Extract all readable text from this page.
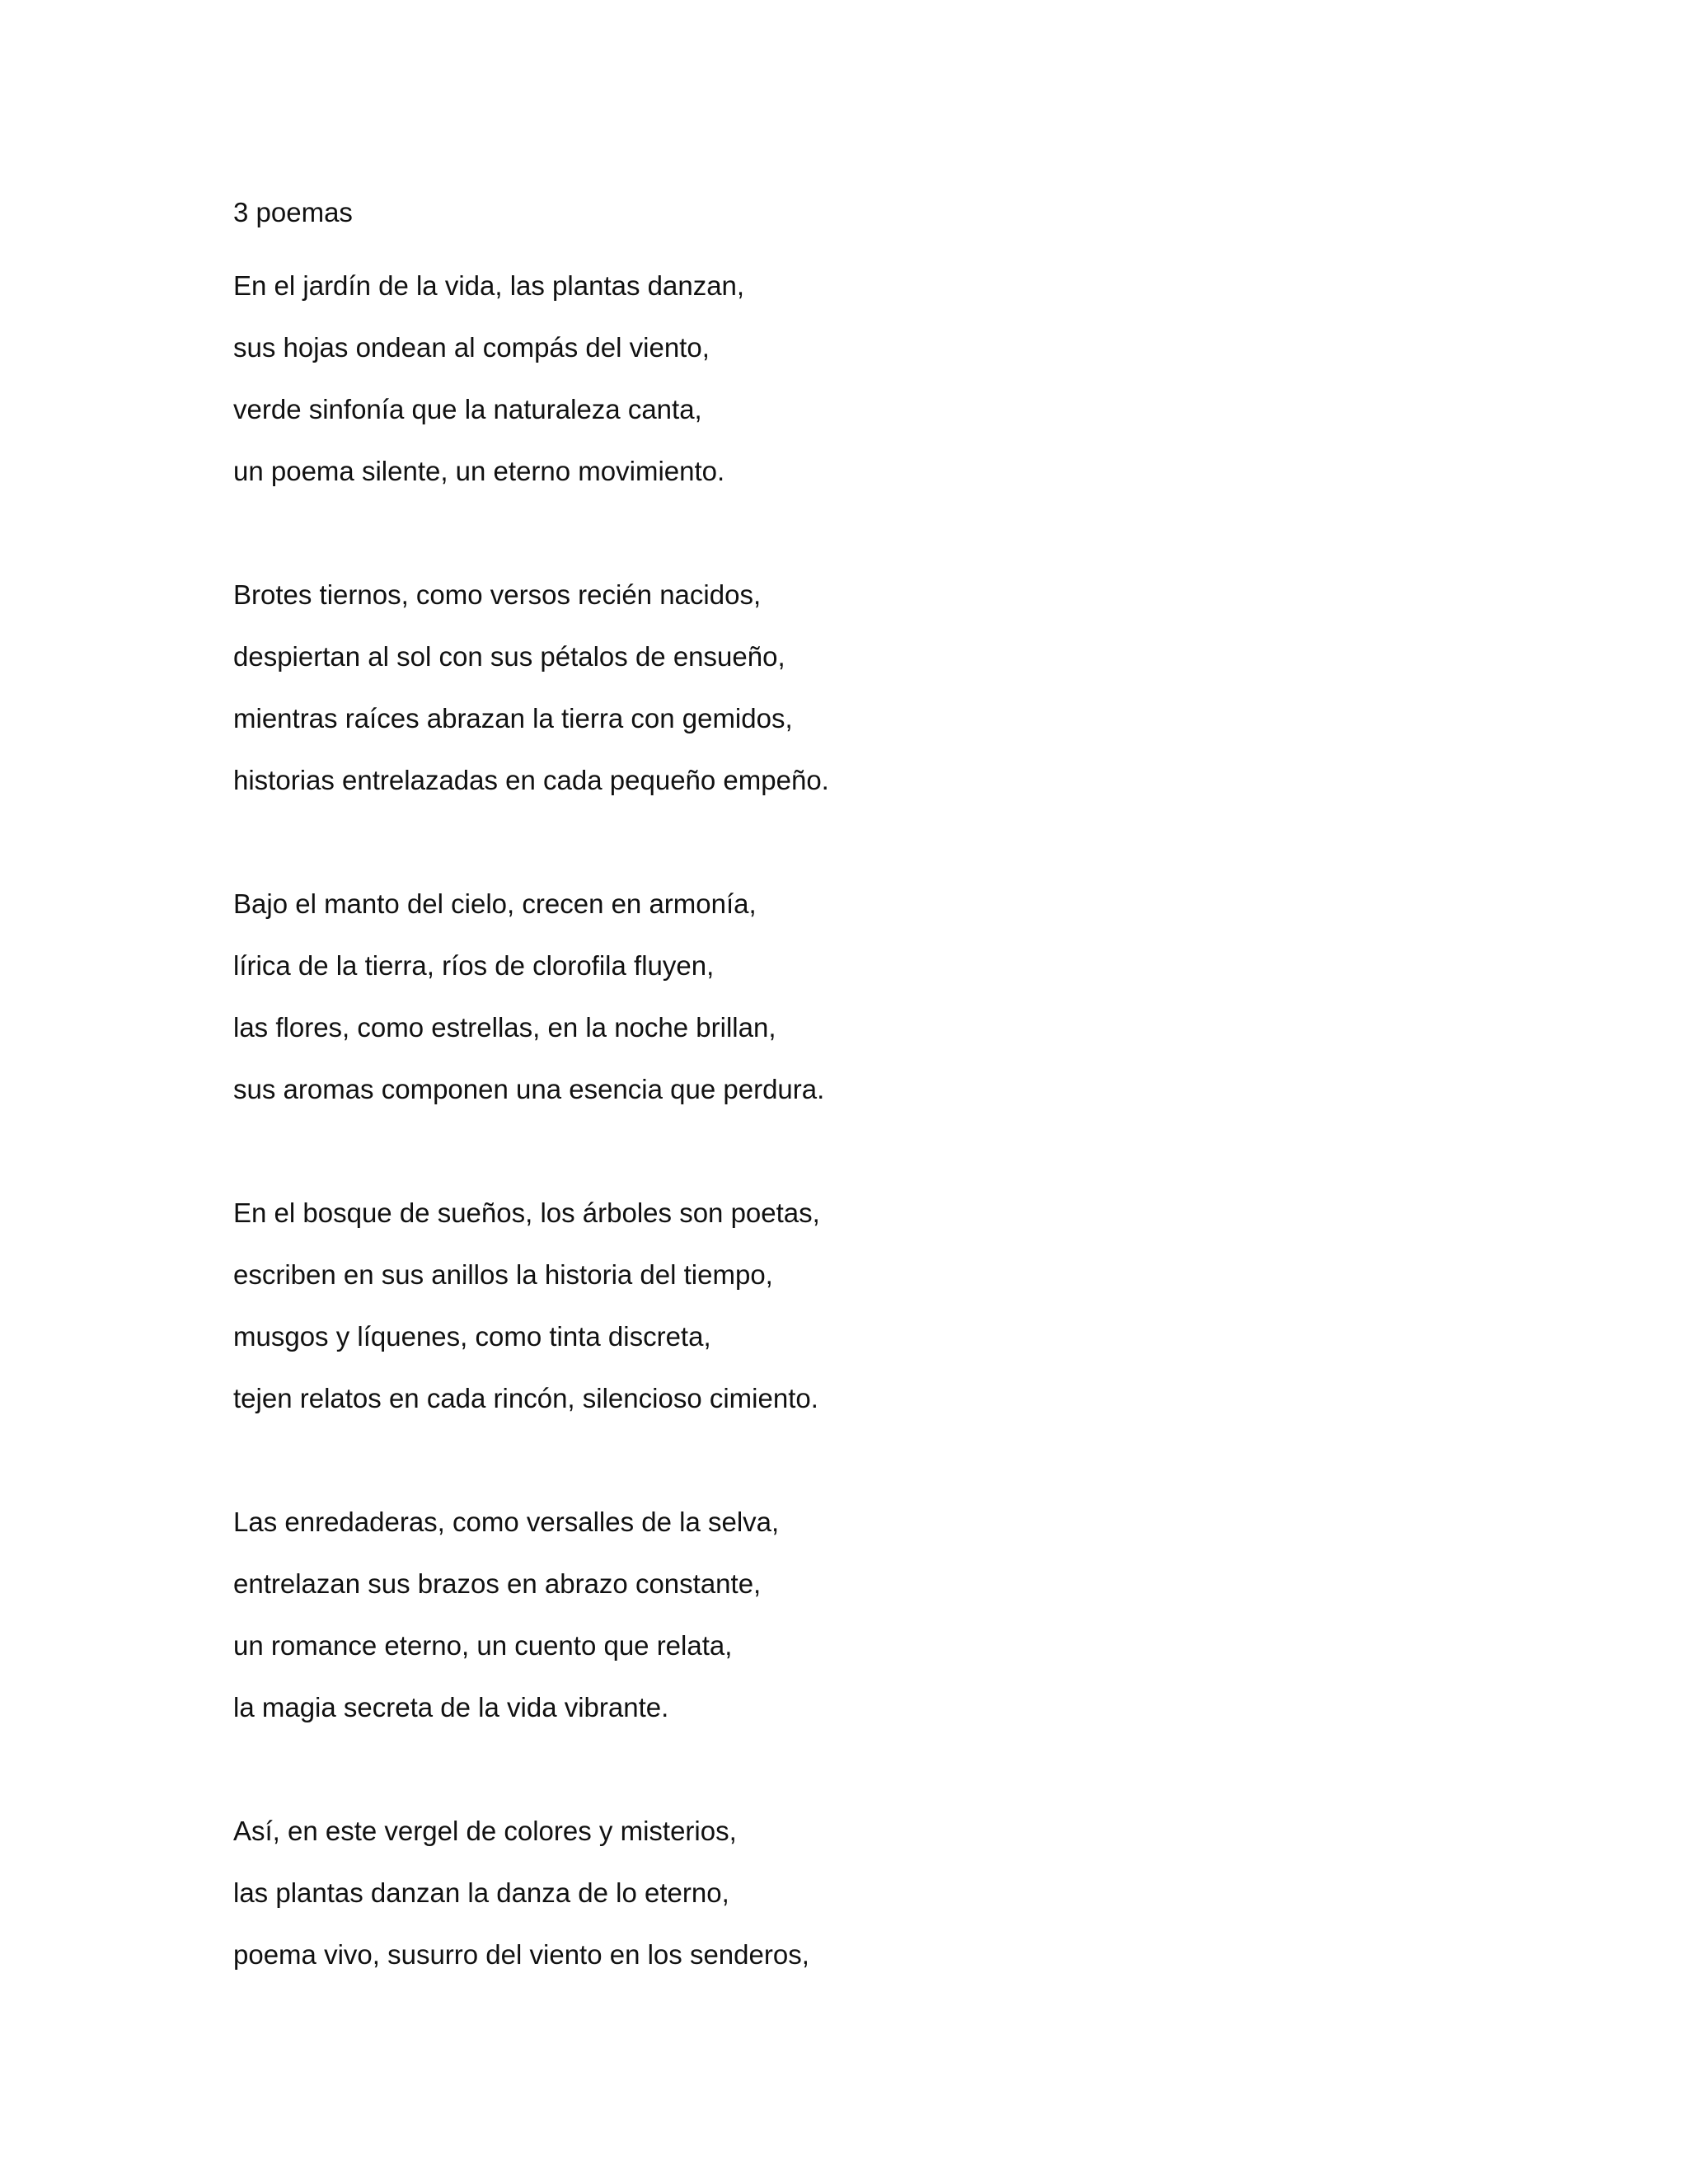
3 poemas
En el jardín de la vida, las plantas danzan,
sus hojas ondean al compás del viento,
verde sinfonía que la naturaleza canta,
un poema silente, un eterno movimiento.
Brotes tiernos, como versos recién nacidos,
despiertan al sol con sus pétalos de ensueño,
mientras raíces abrazan la tierra con gemidos,
historias entrelazadas en cada pequeño empeño.
Bajo el manto del cielo, crecen en armonía,
lírica de la tierra, ríos de clorofila fluyen,
las flores, como estrellas, en la noche brillan,
sus aromas componen una esencia que perdura.
En el bosque de sueños, los árboles son poetas,
escriben en sus anillos la historia del tiempo,
musgos y líquenes, como tinta discreta,
tejen relatos en cada rincón, silencioso cimiento.
Las enredaderas, como versalles de la selva,
entrelazan sus brazos en abrazo constante,
un romance eterno, un cuento que relata,
la magia secreta de la vida vibrante.
Así, en este vergel de colores y misterios,
las plantas danzan la danza de lo eterno,
poema vivo, susurro del viento en los senderos,
